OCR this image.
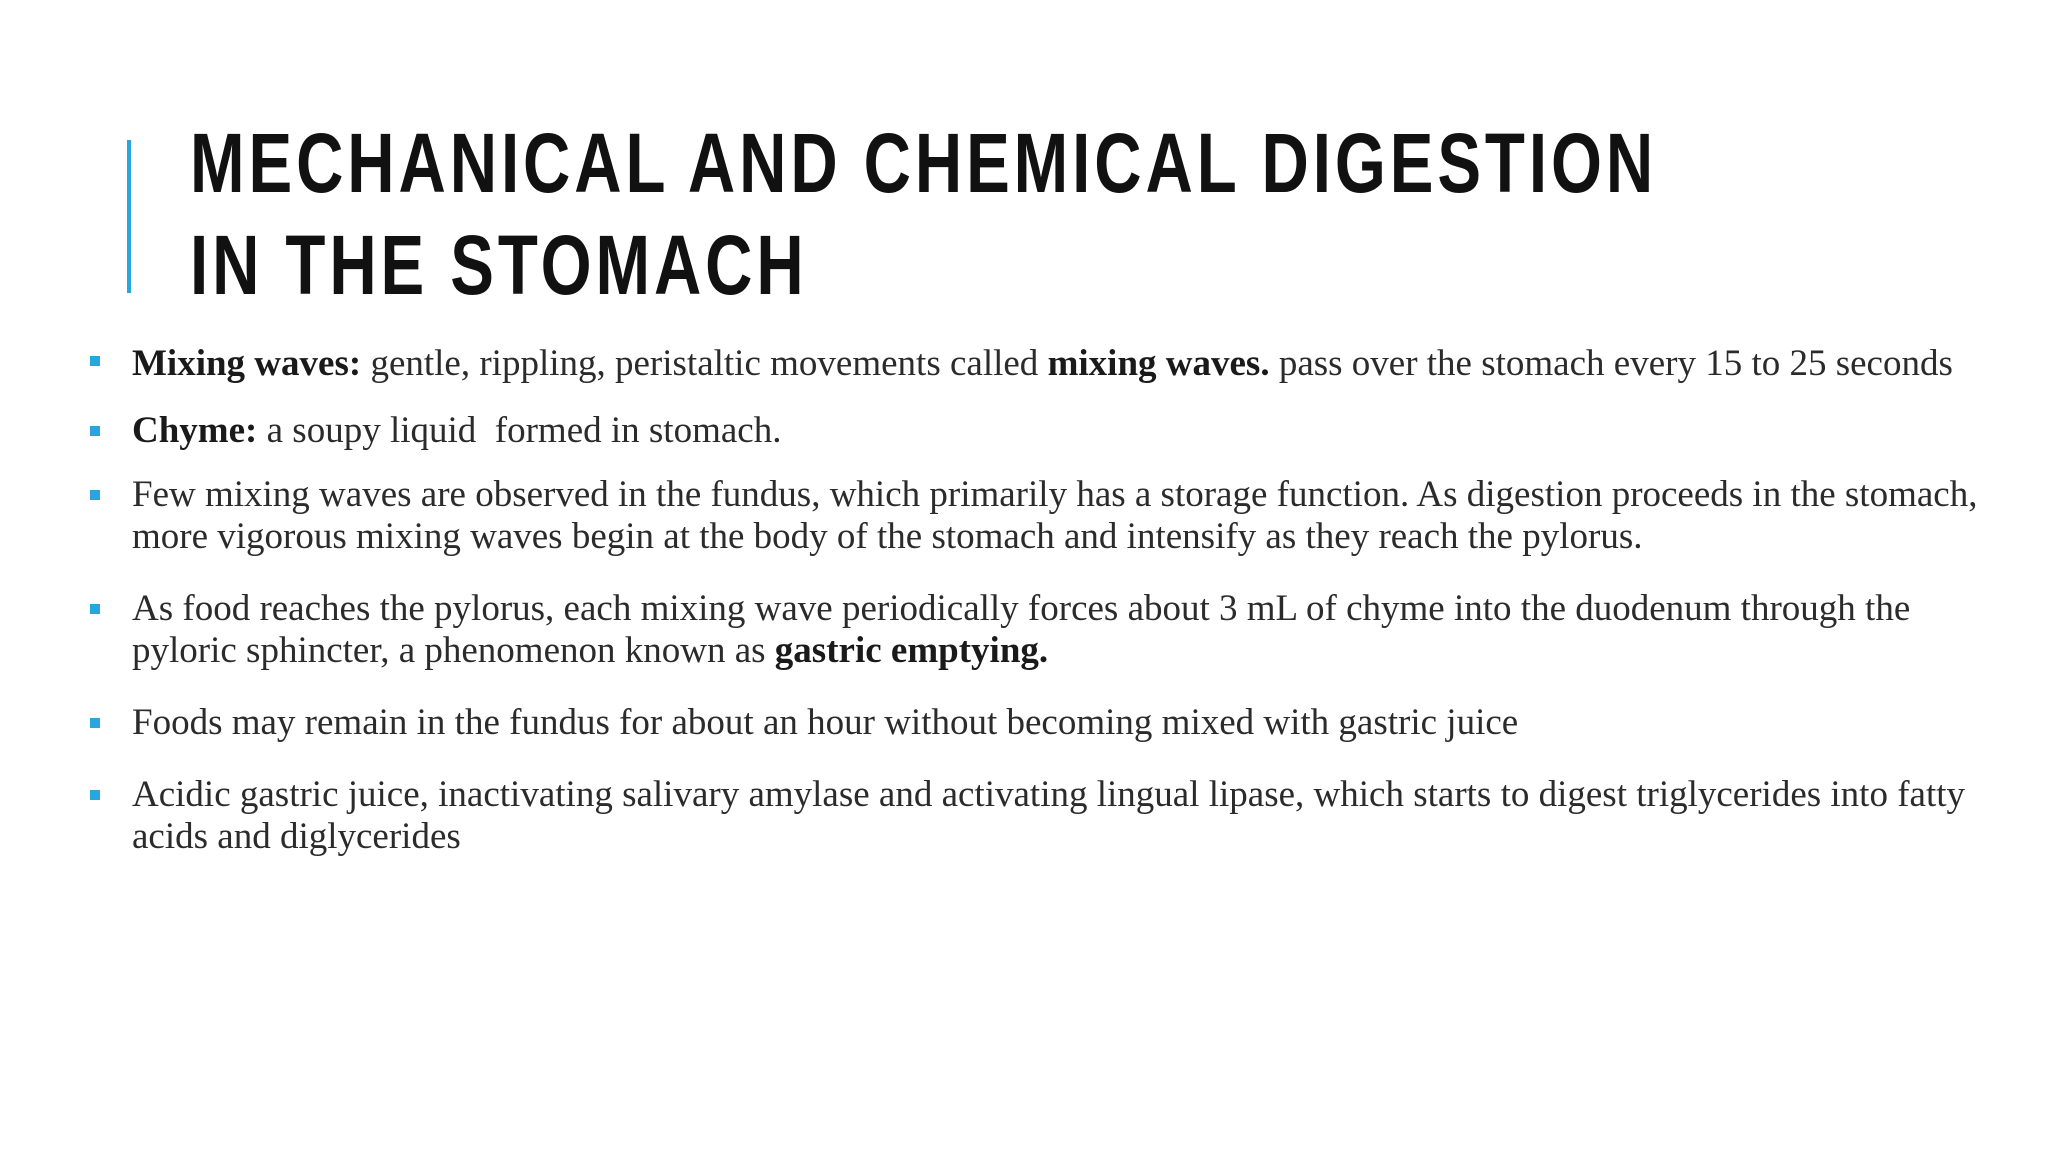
MECHANICAL AND CHEMICAL DIGESTION
IN THE STOMACH
Mixing waves: gentle, rippling, peristaltic movements called mixing waves. pass over the stomach every 15 to 25 seconds
Chyme: a soupy liquid  formed in stomach.
Few mixing waves are observed in the fundus, which primarily has a storage function. As digestion proceeds in the stomach, more vigorous mixing waves begin at the body of the stomach and intensify as they reach the pylorus.
As food reaches the pylorus, each mixing wave periodically forces about 3 mL of chyme into the duodenum through the pyloric sphincter, a phenomenon known as gastric emptying.
Foods may remain in the fundus for about an hour without becoming mixed with gastric juice
Acidic gastric juice, inactivating salivary amylase and activating lingual lipase, which starts to digest triglycerides into fatty acids and diglycerides
